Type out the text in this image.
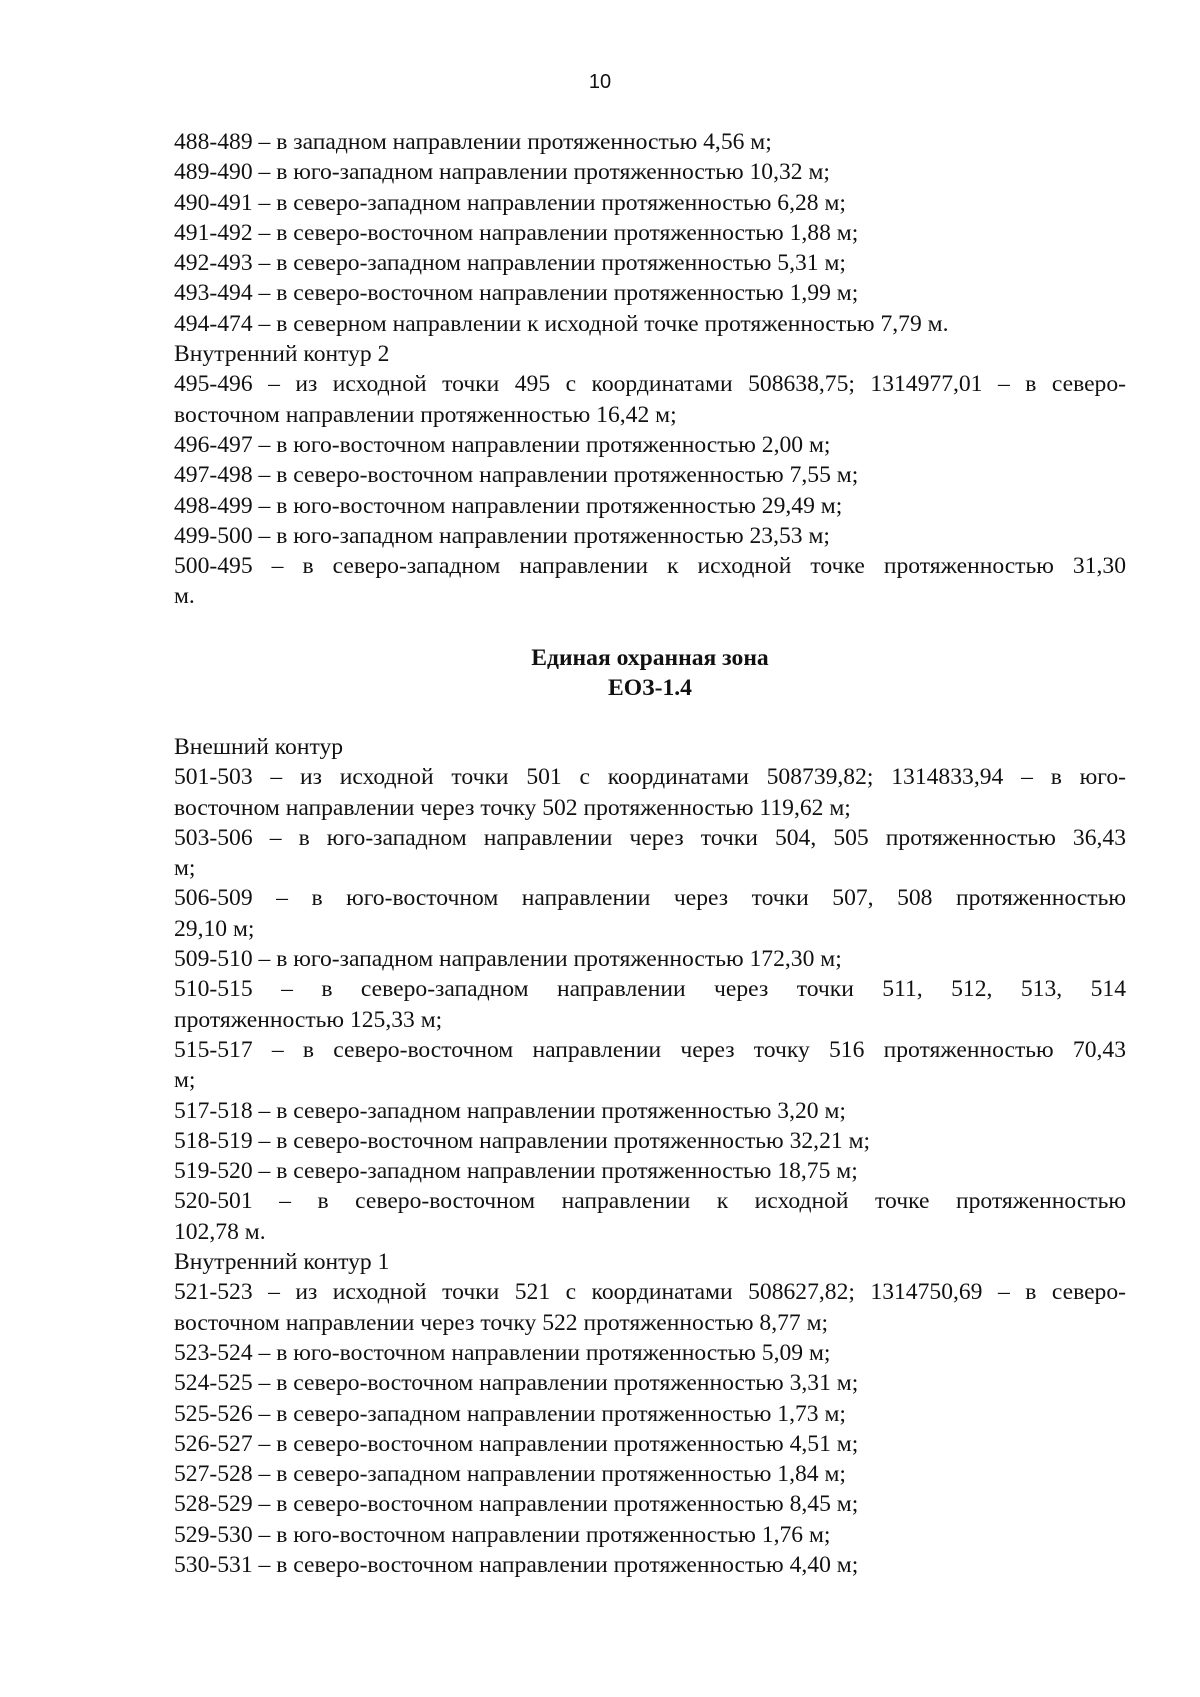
10
488-489 – в западном направлении протяженностью 4,56 м;
489-490 – в юго-западном направлении протяженностью 10,32 м;
490-491 – в северо-западном направлении протяженностью 6,28 м;
491-492 – в северо-восточном направлении протяженностью 1,88 м;
492-493 – в северо-западном направлении протяженностью 5,31 м;
493-494 – в северо-восточном направлении протяженностью 1,99 м;
494-474 – в северном направлении к исходной точке протяженностью 7,79 м.
Внутренний контур 2
495-496 – из исходной точки 495 с координатами 508638,75; 1314977,01 – в северо-
восточном направлении протяженностью 16,42 м;
496-497 – в юго-восточном направлении протяженностью 2,00 м;
497-498 – в северо-восточном направлении протяженностью 7,55 м;
498-499 – в юго-восточном направлении протяженностью 29,49 м;
499-500 – в юго-западном направлении протяженностью 23,53 м;
500-495 – в северо-западном направлении к исходной точке протяженностью 31,30
м.
Единая охранная зона
ЕОЗ-1.4
Внешний контур
501-503 – из исходной точки 501 с координатами 508739,82; 1314833,94 – в юго-
восточном направлении через точку 502 протяженностью 119,62 м;
503-506 – в юго-западном направлении через точки 504, 505 протяженностью 36,43
м;
506-509 – в юго-восточном направлении через точки 507, 508 протяженностью
29,10 м;
509-510 – в юго-западном направлении протяженностью 172,30 м;
510-515 – в северо-западном направлении через точки 511, 512, 513, 514
протяженностью 125,33 м;
515-517 – в северо-восточном направлении через точку 516 протяженностью 70,43
м;
517-518 – в северо-западном направлении протяженностью 3,20 м;
518-519 – в северо-восточном направлении протяженностью 32,21 м;
519-520 – в северо-западном направлении протяженностью 18,75 м;
520-501 – в северо-восточном направлении к исходной точке протяженностью
102,78 м.
Внутренний контур 1
521-523 – из исходной точки 521 с координатами 508627,82; 1314750,69 – в северо-
восточном направлении через точку 522 протяженностью 8,77 м;
523-524 – в юго-восточном направлении протяженностью 5,09 м;
524-525 – в северо-восточном направлении протяженностью 3,31 м;
525-526 – в северо-западном направлении протяженностью 1,73 м;
526-527 – в северо-восточном направлении протяженностью 4,51 м;
527-528 – в северо-западном направлении протяженностью 1,84 м;
528-529 – в северо-восточном направлении протяженностью 8,45 м;
529-530 – в юго-восточном направлении протяженностью 1,76 м;
530-531 – в северо-восточном направлении протяженностью 4,40 м;
